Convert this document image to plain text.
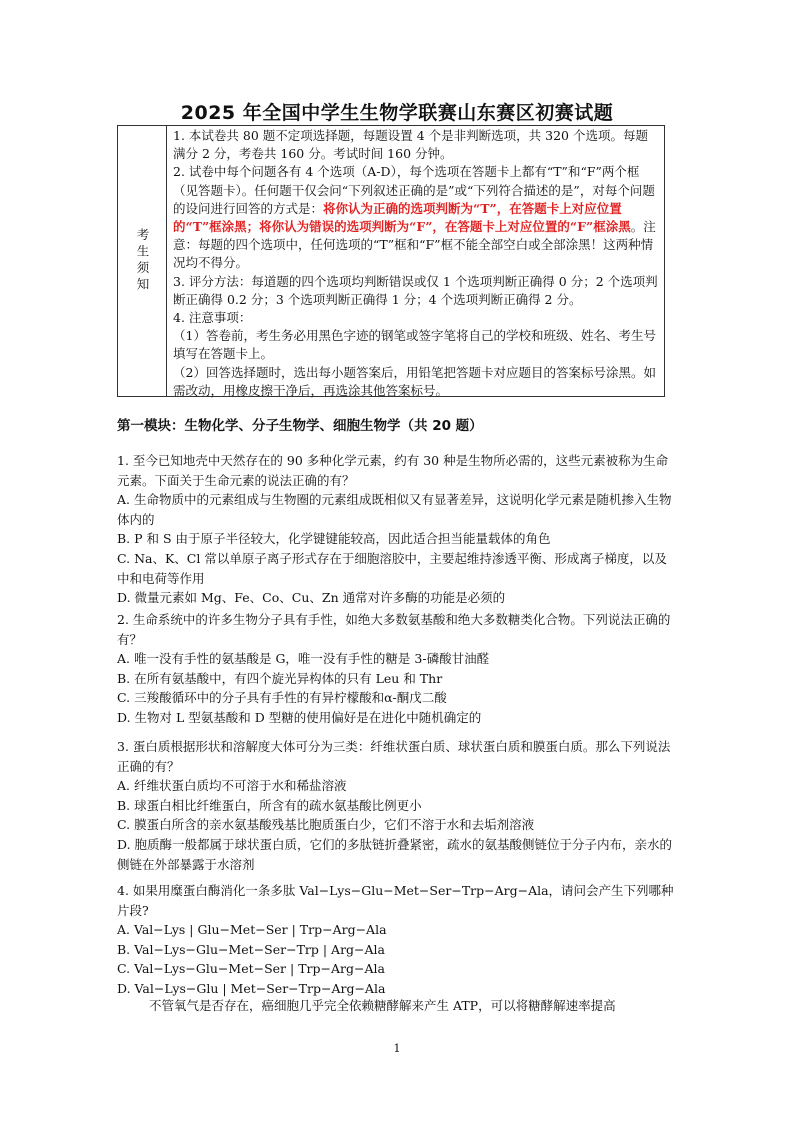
2025 年全国中学生生物学联赛山东赛区初赛试题
考生须知

1. 本试卷共 80 题不定项选择题，每题设置 4 个是非判断选项，共 320 个选项。每题满分 2 分，考卷共 160 分。考试时间 160 分钟。

2. 试卷中每个问题各有 4 个选项（A-D），每个选项在答题卡上都有“T”和“F”两个框（见答题卡）。任何题干仅会问“下列叙述正确的是”或“下列符合描述的是”，对每个问题的设问进行回答的方式是：将你认为正确的选项判断为“T”，在答题卡上对应位置的“T”框涂黑；将你认为错误的选项判断为“F”，在答题卡上对应位置的“F”框涂黑。注意：每题的四个选项中，任何选项的“T”框和“F”框不能全部空白或全部涂黑！这两种情况均不得分。

3. 评分方法：每道题的四个选项均判断错误或仅 1 个选项判断正确得 0 分；2 个选项判断正确得 0.2 分；3 个选项判断正确得 1 分；4 个选项判断正确得 2 分。

4. 注意事项：

（1）答卷前，考生务必用黑色字迹的钢笔或签字笔将自己的学校和班级、姓名、考生号填写在答题卡上。

（2）回答选择题时，选出每小题答案后，用铅笔把答题卡对应题目的答案标号涂黑。如需改动，用橡皮擦干净后，再选涂其他答案标号。

第一模块：生物化学、分子生物学、细胞生物学（共 20 题）

1. 至今已知地壳中天然存在的 90 多种化学元素，约有 30 种是生物所必需的，这些元素被称为生命元素。下面关于生命元素的说法正确的有？

A. 生命物质中的元素组成与生物圈的元素组成既相似又有显著差异，这说明化学元素是随机掺入生物体内的

B. P 和 S 由于原子半径较大，化学键键能较高，因此适合担当能量载体的角色

C. Na、K、Cl 常以单原子离子形式存在于细胞溶胶中，主要起维持渗透平衡、形成离子梯度，以及中和电荷等作用

D. 微量元素如 Mg、Fe、Co、Cu、Zn 通常对许多酶的功能是必须的

2. 生命系统中的许多生物分子具有手性，如绝大多数氨基酸和绝大多数糖类化合物。下列说法正确的有？

A. 唯一没有手性的氨基酸是 G，唯一没有手性的糖是 3-磷酸甘油醛

B. 在所有氨基酸中，有四个旋光异构体的只有 Leu 和 Thr

C. 三羧酸循环中的分子具有手性的有异柠檬酸和α-酮戊二酸

D. 生物对 L 型氨基酸和 D 型糖的使用偏好是在进化中随机确定的

3. 蛋白质根据形状和溶解度大体可分为三类：纤维状蛋白质、球状蛋白质和膜蛋白质。那么下列说法正确的有？

A. 纤维状蛋白质均不可溶于水和稀盐溶液

B. 球蛋白相比纤维蛋白，所含有的疏水氨基酸比例更小

C. 膜蛋白所含的亲水氨基酸残基比胞质蛋白少，它们不溶于水和去垢剂溶液

D. 胞质酶一般都属于球状蛋白质，它们的多肽链折叠紧密，疏水的氨基酸侧链位于分子内布，亲水的侧链在外部暴露于水溶剂

4. 如果用糜蛋白酶消化一条多肽 Val−Lys−Glu−Met−Ser−Trp−Arg−Ala，请问会产生下列哪种片段?

A. Val−Lys | Glu−Met−Ser | Trp−Arg−Ala

B. Val−Lys−Glu−Met−Ser−Trp | Arg−Ala

C. Val−Lys−Glu−Met−Ser | Trp−Arg−Ala

D. Val−Lys−Glu | Met−Ser−Trp−Arg−Ala

不管氧气是否存在，癌细胞几乎完全依赖糖酵解来产生 ATP，可以将糖酵解速率提高
1
